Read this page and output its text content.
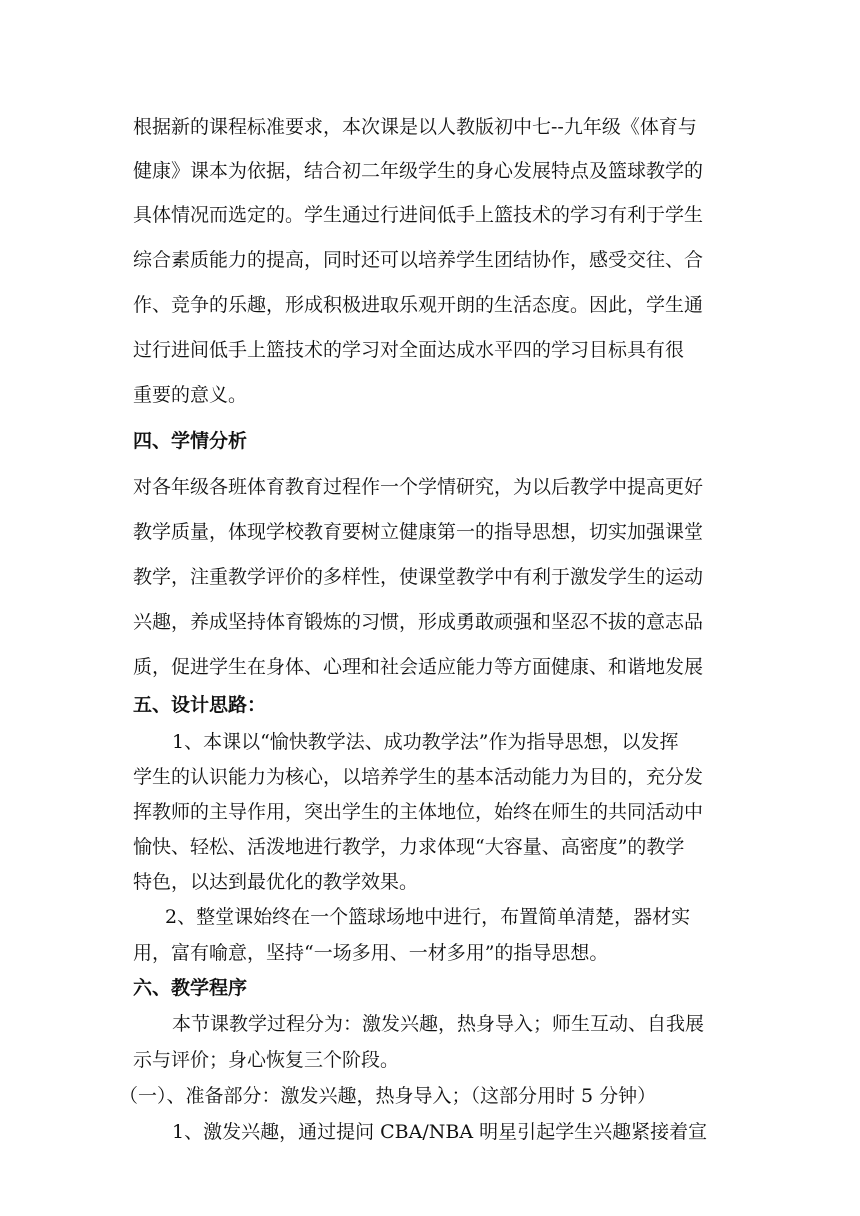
根据新的课程标准要求，本次课是以人教版初中七--九年级《体育与
健康》课本为依据，结合初二年级学生的身心发展特点及篮球教学的
具体情况而选定的。学生通过行进间低手上篮技术的学习有利于学生
综合素质能力的提高，同时还可以培养学生团结协作，感受交往、合
作、竞争的乐趣，形成积极进取乐观开朗的生活态度。因此，学生通
过行进间低手上篮技术的学习对全面达成水平四的学习目标具有很
重要的意义。
四、学情分析
对各年级各班体育教育过程作一个学情研究，为以后教学中提高更好
教学质量，体现学校教育要树立健康第一的指导思想，切实加强课堂
教学，注重教学评价的多样性，使课堂教学中有利于激发学生的运动
兴趣，养成坚持体育锻炼的习惯，形成勇敢顽强和坚忍不拔的意志品
质，促进学生在身体、心理和社会适应能力等方面健康、和谐地发展
五、设计思路：
1、本课以“愉快教学法、成功教学法”作为指导思想，以发挥
学生的认识能力为核心，以培养学生的基本活动能力为目的，充分发
挥教师的主导作用，突出学生的主体地位，始终在师生的共同活动中
愉快、轻松、活泼地进行教学，力求体现“大容量、高密度”的教学
特色，以达到最优化的教学效果。
2、整堂课始终在一个篮球场地中进行，布置简单清楚，器材实
用，富有喻意，坚持“一场多用、一材多用”的指导思想。
六、教学程序
本节课教学过程分为：激发兴趣，热身导入；师生互动、自我展
示与评价；身心恢复三个阶段。
（一）、准备部分：激发兴趣，热身导入；（这部分用时 5 分钟）
1、激发兴趣，通过提问 CBA/NBA 明星引起学生兴趣紧接着宣
